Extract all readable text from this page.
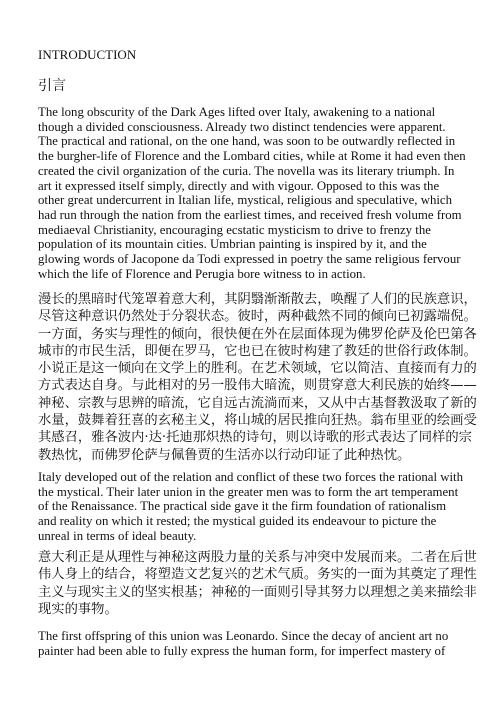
INTRODUCTION
引言
The long obscurity of the Dark Ages lifted over Italy, awakening to a national
though a divided consciousness. Already two distinct tendencies were apparent.
The practical and rational, on the one hand, was soon to be outwardly reflected in
the burgher-life of Florence and the Lombard cities, while at Rome it had even then
created the civil organization of the curia. The novella was its literary triumph. In
art it expressed itself simply, directly and with vigour. Opposed to this was the
other great undercurrent in Italian life, mystical, religious and speculative, which
had run through the nation from the earliest times, and received fresh volume from
mediaeval Christianity, encouraging ecstatic mysticism to drive to frenzy the
population of its mountain cities. Umbrian painting is inspired by it, and the
glowing words of Jacopone da Todi expressed in poetry the same religious fervour
which the life of Florence and Perugia bore witness to in action.
漫长的黑暗时代笼罩着意大利，其阴翳渐渐散去，唤醒了人们的民族意识，
尽管这种意识仍然处于分裂状态。彼时，两种截然不同的倾向已初露端倪。
一方面，务实与理性的倾向，很快便在外在层面体现为佛罗伦萨及伦巴第各
城市的市民生活，即便在罗马，它也已在彼时构建了教廷的世俗行政体制。
小说正是这一倾向在文学上的胜利。在艺术领域，它以简洁、直接而有力的
方式表达自身。与此相对的另一股伟大暗流，则贯穿意大利民族的始终——
神秘、宗教与思辨的暗流，它自远古流淌而来，又从中古基督教汲取了新的
水量，鼓舞着狂喜的玄秘主义，将山城的居民推向狂热。翁布里亚的绘画受
其感召，雅各波内·达·托迪那炽热的诗句，则以诗歌的形式表达了同样的宗
教热忱，而佛罗伦萨与佩鲁贾的生活亦以行动印证了此种热忱。
Italy developed out of the relation and conflict of these two forces the rational with
the mystical. Their later union in the greater men was to form the art temperament
of the Renaissance. The practical side gave it the firm foundation of rationalism
and reality on which it rested; the mystical guided its endeavour to picture the
unreal in terms of ideal beauty.
意大利正是从理性与神秘这两股力量的关系与冲突中发展而来。二者在后世
伟人身上的结合，将塑造文艺复兴的艺术气质。务实的一面为其奠定了理性
主义与现实主义的坚实根基；神秘的一面则引导其努力以理想之美来描绘非
现实的事物。
The first offspring of this union was Leonardo. Since the decay of ancient art no
painter had been able to fully express the human form, for imperfect mastery of
